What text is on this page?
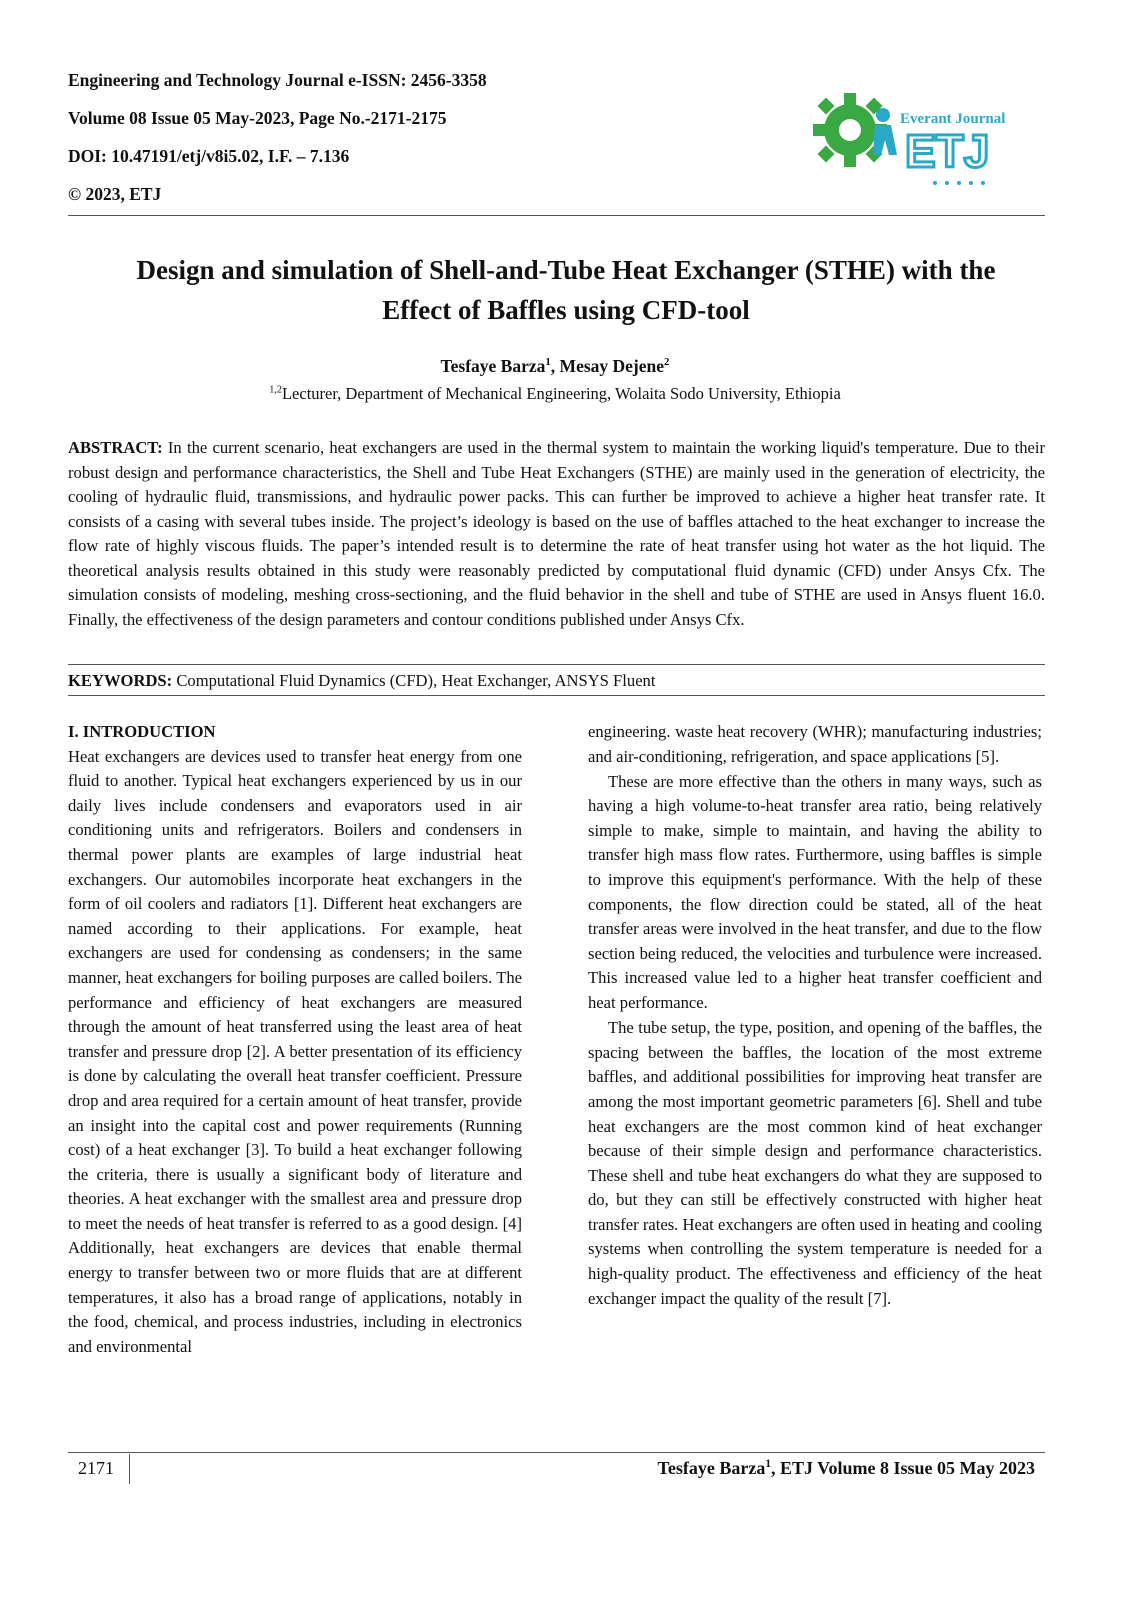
Engineering and Technology Journal e-ISSN: 2456-3358
Volume 08 Issue 05 May-2023, Page No.-2171-2175
DOI: 10.47191/etj/v8i5.02, I.F. – 7.136
© 2023, ETJ
Everant Journal
ETJ
Design and simulation of Shell-and-Tube Heat Exchanger (STHE) with the
Effect of Baffles using CFD-tool
Tesfaye Barza$^1$, Mesay Dejene$^2$
$^{1,2}$Lecturer, Department of Mechanical Engineering, Wolaita Sodo University, Ethiopia
ABSTRACT: In the current scenario, heat exchangers are used in the thermal system to maintain the working liquid's temperature. Due to their robust design and performance characteristics, the Shell and Tube Heat Exchangers (STHE) are mainly used in the generation of electricity, the cooling of hydraulic fluid, transmissions, and hydraulic power packs. This can further be improved to achieve a higher heat transfer rate. It consists of a casing with several tubes inside. The project’s ideology is based on the use of baffles attached to the heat exchanger to increase the flow rate of highly viscous fluids. The paper’s intended result is to determine the rate of heat transfer using hot water as the hot liquid. The theoretical analysis results obtained in this study were reasonably predicted by computational fluid dynamic (CFD) under Ansys Cfx. The simulation consists of modeling, meshing cross-sectioning, and the fluid behavior in the shell and tube of STHE are used in Ansys fluent 16.0. Finally, the effectiveness of the design parameters and contour conditions published under Ansys Cfx.
KEYWORDS: Computational Fluid Dynamics (CFD), Heat Exchanger, ANSYS Fluent

I. INTRODUCTION

Heat exchangers are devices used to transfer heat energy from one fluid to another. Typical heat exchangers experienced by us in our daily lives include condensers and evaporators used in air conditioning units and refrigerators. Boilers and condensers in thermal power plants are examples of large industrial heat exchangers. Our automobiles incorporate heat exchangers in the form of oil coolers and radiators [1]. Different heat exchangers are named according to their applications. For example, heat exchangers are used for condensing as condensers; in the same manner, heat exchangers for boiling purposes are called boilers. The performance and efficiency of heat exchangers are measured through the amount of heat transferred using the least area of heat transfer and pressure drop [2]. A better presentation of its efficiency is done by calculating the overall heat transfer coefficient. Pressure drop and area required for a certain amount of heat transfer, provide an insight into the capital cost and power requirements (Running cost) of a heat exchanger [3]. To build a heat exchanger following the criteria, there is usually a significant body of literature and theories. A heat exchanger with the smallest area and pressure drop to meet the needs of heat transfer is referred to as a good design. [4] Additionally, heat exchangers are devices that enable thermal energy to transfer between two or more fluids that are at different temperatures, it also has a broad range of applications, notably in the food, chemical, and process industries, including in electronics and environmental

engineering. waste heat recovery (WHR); manufacturing industries; and air-conditioning, refrigeration, and space applications [5].

These are more effective than the others in many ways, such as having a high volume-to-heat transfer area ratio, being relatively simple to make, simple to maintain, and having the ability to transfer high mass flow rates. Furthermore, using baffles is simple to improve this equipment's performance. With the help of these components, the flow direction could be stated, all of the heat transfer areas were involved in the heat transfer, and due to the flow section being reduced, the velocities and turbulence were increased. This increased value led to a higher heat transfer coefficient and heat performance.

The tube setup, the type, position, and opening of the baffles, the spacing between the baffles, the location of the most extreme baffles, and additional possibilities for improving heat transfer are among the most important geometric parameters [6]. Shell and tube heat exchangers are the most common kind of heat exchanger because of their simple design and performance characteristics. These shell and tube heat exchangers do what they are supposed to do, but they can still be effectively constructed with higher heat transfer rates. Heat exchangers are often used in heating and cooling systems when controlling the system temperature is needed for a high-quality product. The effectiveness and efficiency of the heat exchanger impact the quality of the result [7].

2171	Tesfaye Barza$^1$, ETJ Volume 8 Issue 05 May 2023
